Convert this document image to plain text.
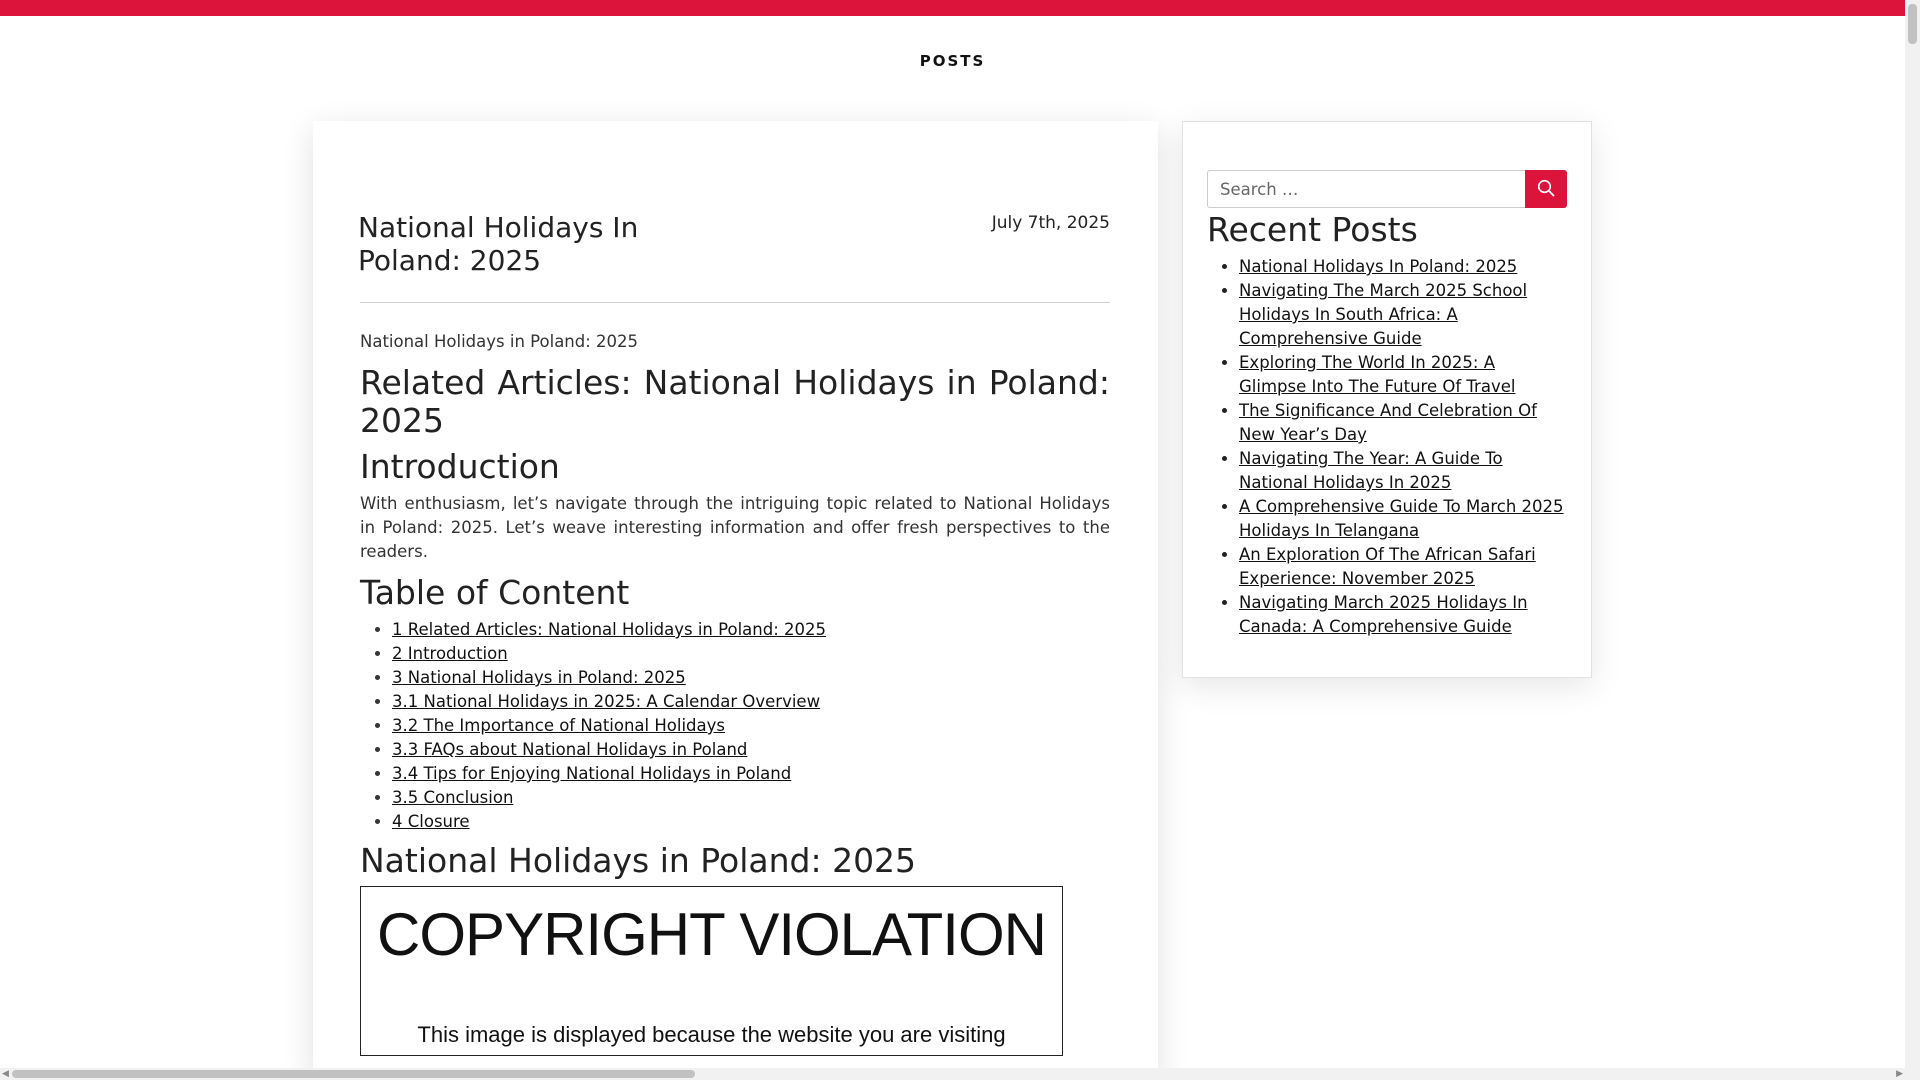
POSTS
National Holidays In Poland: 2025
July 7th, 2025

National Holidays in Poland: 2025

Related Articles: National Holidays in Poland: 2025
Introduction

With enthusiasm, let’s navigate through the intriguing topic related to National Holidays in Poland: 2025. Let’s weave interesting information and offer fresh perspectives to the readers.

Table of Content
• 1 Related Articles: National Holidays in Poland: 2025
• 2 Introduction
• 3 National Holidays in Poland: 2025
• 3.1 National Holidays in 2025: A Calendar Overview
• 3.2 The Importance of National Holidays
• 3.3 FAQs about National Holidays in Poland
• 3.4 Tips for Enjoying National Holidays in Poland
• 3.5 Conclusion
• 4 Closure
National Holidays in Poland: 2025
COPYRIGHT VIOLATION
This image is displayed because the website you are visiting
Search …
Recent Posts
• National Holidays In Poland: 2025
• Navigating The March 2025 School Holidays In South Africa: A Comprehensive Guide
• Exploring The World In 2025: A Glimpse Into The Future Of Travel
• The Significance And Celebration Of New Year’s Day
• Navigating The Year: A Guide To National Holidays In 2025
• A Comprehensive Guide To March 2025 Holidays In Telangana
• An Exploration Of The African Safari Experience: November 2025
• Navigating March 2025 Holidays In Canada: A Comprehensive Guide
◀	▶
